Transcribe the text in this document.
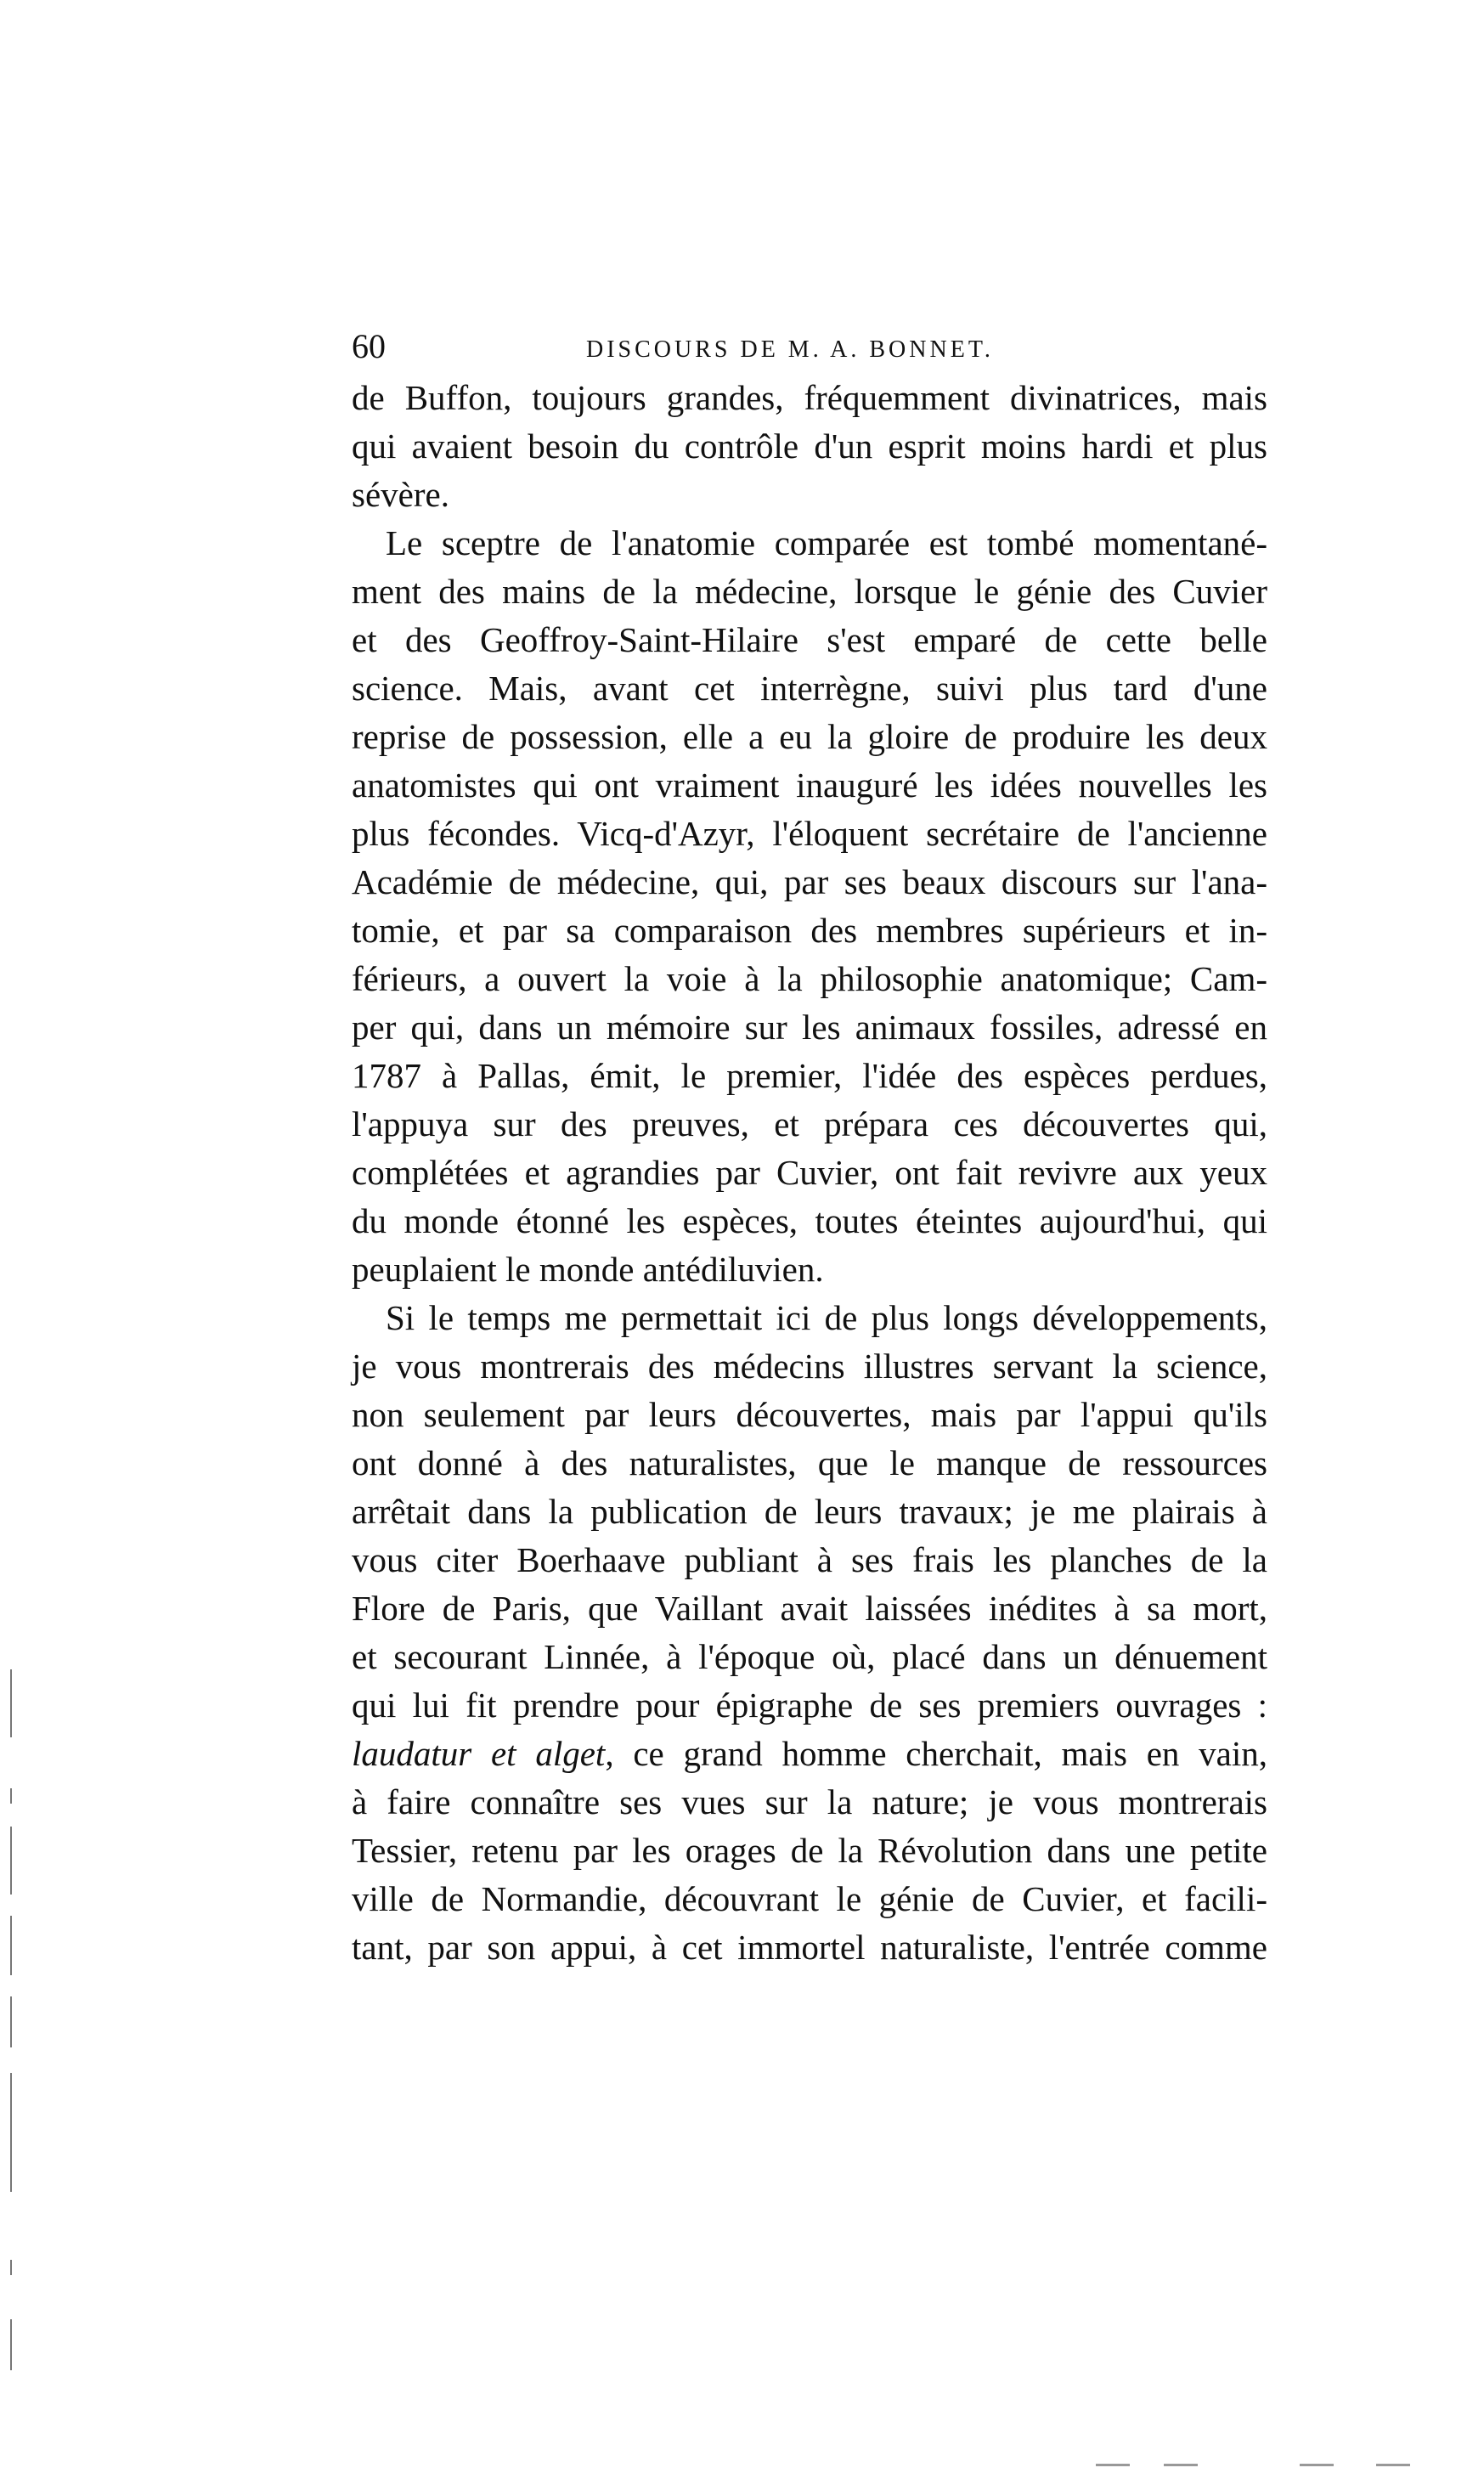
60	DISCOURS DE M. A. BONNET.
de Buffon, toujours grandes, fréquemment divinatrices, mais
qui avaient besoin du contrôle d'un esprit moins hardi et plus
sévère.
Le sceptre de l'anatomie comparée est tombé momentané-
ment des mains de la médecine, lorsque le génie des Cuvier
et des Geoffroy-Saint-Hilaire s'est emparé de cette belle
science. Mais, avant cet interrègne, suivi plus tard d'une
reprise de possession, elle a eu la gloire de produire les deux
anatomistes qui ont vraiment inauguré les idées nouvelles les
plus fécondes. Vicq-d'Azyr, l'éloquent secrétaire de l'ancienne
Académie de médecine, qui, par ses beaux discours sur l'ana-
tomie, et par sa comparaison des membres supérieurs et in-
férieurs, a ouvert la voie à la philosophie anatomique; Cam-
per qui, dans un mémoire sur les animaux fossiles, adressé en
1787 à Pallas, émit, le premier, l'idée des espèces perdues,
l'appuya sur des preuves, et prépara ces découvertes qui,
complétées et agrandies par Cuvier, ont fait revivre aux yeux
du monde étonné les espèces, toutes éteintes aujourd'hui, qui
peuplaient le monde antédiluvien.
Si le temps me permettait ici de plus longs développements,
je vous montrerais des médecins illustres servant la science,
non seulement par leurs découvertes, mais par l'appui qu'ils
ont donné à des naturalistes, que le manque de ressources
arrêtait dans la publication de leurs travaux; je me plairais à
vous citer Boerhaave publiant à ses frais les planches de la
Flore de Paris, que Vaillant avait laissées inédites à sa mort,
et secourant Linnée, à l'époque où, placé dans un dénuement
qui lui fit prendre pour épigraphe de ses premiers ouvrages :
laudatur et alget, ce grand homme cherchait, mais en vain,
à faire connaître ses vues sur la nature; je vous montrerais
Tessier, retenu par les orages de la Révolution dans une petite
ville de Normandie, découvrant le génie de Cuvier, et facili-
tant, par son appui, à cet immortel naturaliste, l'entrée comme
